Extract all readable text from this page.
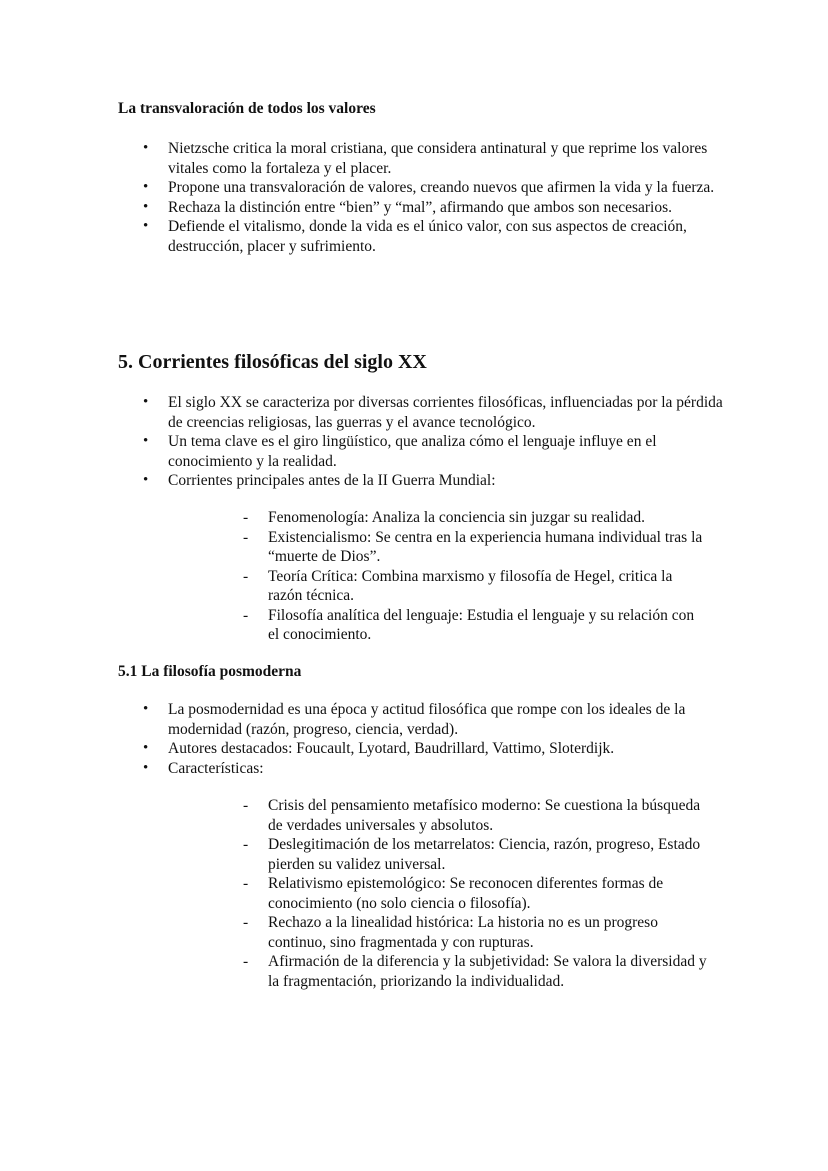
La transvaloración de todos los valores
• Nietzsche critica la moral cristiana, que considera antinatural y que reprime los valores vitales como la fortaleza y el placer.
• Propone una transvaloración de valores, creando nuevos que afirmen la vida y la fuerza.
• Rechaza la distinción entre “bien” y “mal”, afirmando que ambos son necesarios.
• Defiende el vitalismo, donde la vida es el único valor, con sus aspectos de creación, destrucción, placer y sufrimiento.
5. Corrientes filosóficas del siglo XX
• El siglo XX se caracteriza por diversas corrientes filosóficas, influenciadas por la pérdida de creencias religiosas, las guerras y el avance tecnológico.
• Un tema clave es el giro lingüístico, que analiza cómo el lenguaje influye en el conocimiento y la realidad.
• Corrientes principales antes de la II Guerra Mundial:
- Fenomenología: Analiza la conciencia sin juzgar su realidad.
- Existencialismo: Se centra en la experiencia humana individual tras la “muerte de Dios”.
- Teoría Crítica: Combina marxismo y filosofía de Hegel, critica la razón técnica.
- Filosofía analítica del lenguaje: Estudia el lenguaje y su relación con el conocimiento.
5.1 La filosofía posmoderna
• La posmodernidad es una época y actitud filosófica que rompe con los ideales de la modernidad (razón, progreso, ciencia, verdad).
• Autores destacados: Foucault, Lyotard, Baudrillard, Vattimo, Sloterdijk.
• Características:
- Crisis del pensamiento metafísico moderno: Se cuestiona la búsqueda de verdades universales y absolutos.
- Deslegitimación de los metarrelatos: Ciencia, razón, progreso, Estado pierden su validez universal.
- Relativismo epistemológico: Se reconocen diferentes formas de conocimiento (no solo ciencia o filosofía).
- Rechazo a la linealidad histórica: La historia no es un progreso continuo, sino fragmentada y con rupturas.
- Afirmación de la diferencia y la subjetividad: Se valora la diversidad y la fragmentación, priorizando la individualidad.
